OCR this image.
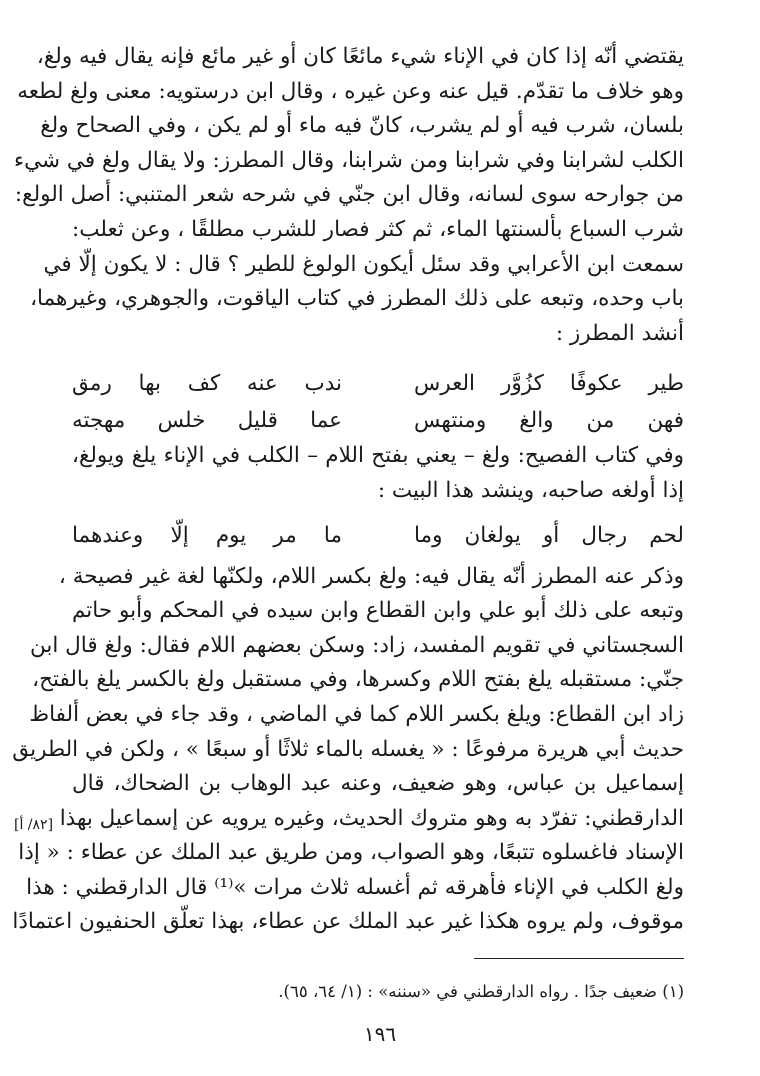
يقتضي أنّه إذا كان في الإناء شيء مائعًا كان أو غير مائع فإنه يقال فيه ولغ،
وهو خلاف ما تقدّم. قيل عنه وعن غيره ، وقال ابن درستويه: معنى ولغ لطعه
بلسان، شرب فيه أو لم يشرب، كانّ فيه ماء أو لم يكن ، وفي الصحاح ولغ
الكلب لشرابنا وفي شرابنا ومن شرابنا، وقال المطرز: ولا يقال ولغ في شيء
من جوارحه سوى لسانه، وقال ابن جنّي في شرحه شعر المتنبي: أصل الولع:
شرب السباع بألسنتها الماء، ثم كثر فصار للشرب مطلقًا ، وعن ثعلب:
سمعت ابن الأعرابي وقد سئل أيكون الولوغ للطير ؟ قال : لا يكون إلّا في
باب وحده، وتبعه على ذلك المطرز في كتاب الياقوت، والجوهري، وغيرهما،
أنشد المطرز :
طير عكوفًا كزُوَّر العرس
ندب عنه كف بها رمق
فهن من والغ ومنتهس
عما قليل خلس مهجته
وفي كتاب الفصيح: ولغ – يعني بفتح اللام – الكلب في الإناء يلغ ويولغ،
إذا أولغه صاحبه، وينشد هذا البيت :
لحم رجال أو يولغان وما
ما مر يوم إلّا وعندهما
وذكر عنه المطرز أنّه يقال فيه: ولغ بكسر اللام، ولكنّها لغة غير فصيحة ،
وتبعه على ذلك أبو علي وابن القطاع وابن سيده في المحكم وأبو حاتم
السجستاني في تقويم المفسد، زاد: وسكن بعضهم اللام فقال: ولغ قال ابن
جنّي: مستقبله يلغ بفتح اللام وكسرها، وفي مستقبل ولغ بالكسر يلغ بالفتح،
زاد ابن القطاع: ويلغ بكسر اللام كما في الماضي ، وقد جاء في بعض ألفاظ
حديث أبي هريرة مرفوعًا : « يغسله بالماء ثلاثًا أو سبعًا » ، ولكن في الطريق
إسماعيل بن عباس، وهو ضعيف، وعنه عبد الوهاب بن الضحاك، قال
الدارقطني: تفرّد به وهو متروك الحديث، وغيره يرويه عن إسماعيل بهذا
الإسناد فاغسلوه تتبعًا، وهو الصواب، ومن طريق عبد الملك عن عطاء : « إذا
ولغ الكلب في الإناء فأهرقه ثم أغسله ثلاث مرات »⁽¹⁾ قال الدارقطني : هذا
موقوف، ولم يروه هكذا غير عبد الملك عن عطاء، بهذا تعلّق الحنفيون اعتمادًا
[٨٢/ أ]
(١) ضعيف جدًا . رواه الدارقطني في «سننه» : (١/ ٦٤، ٦٥).
١٩٦
